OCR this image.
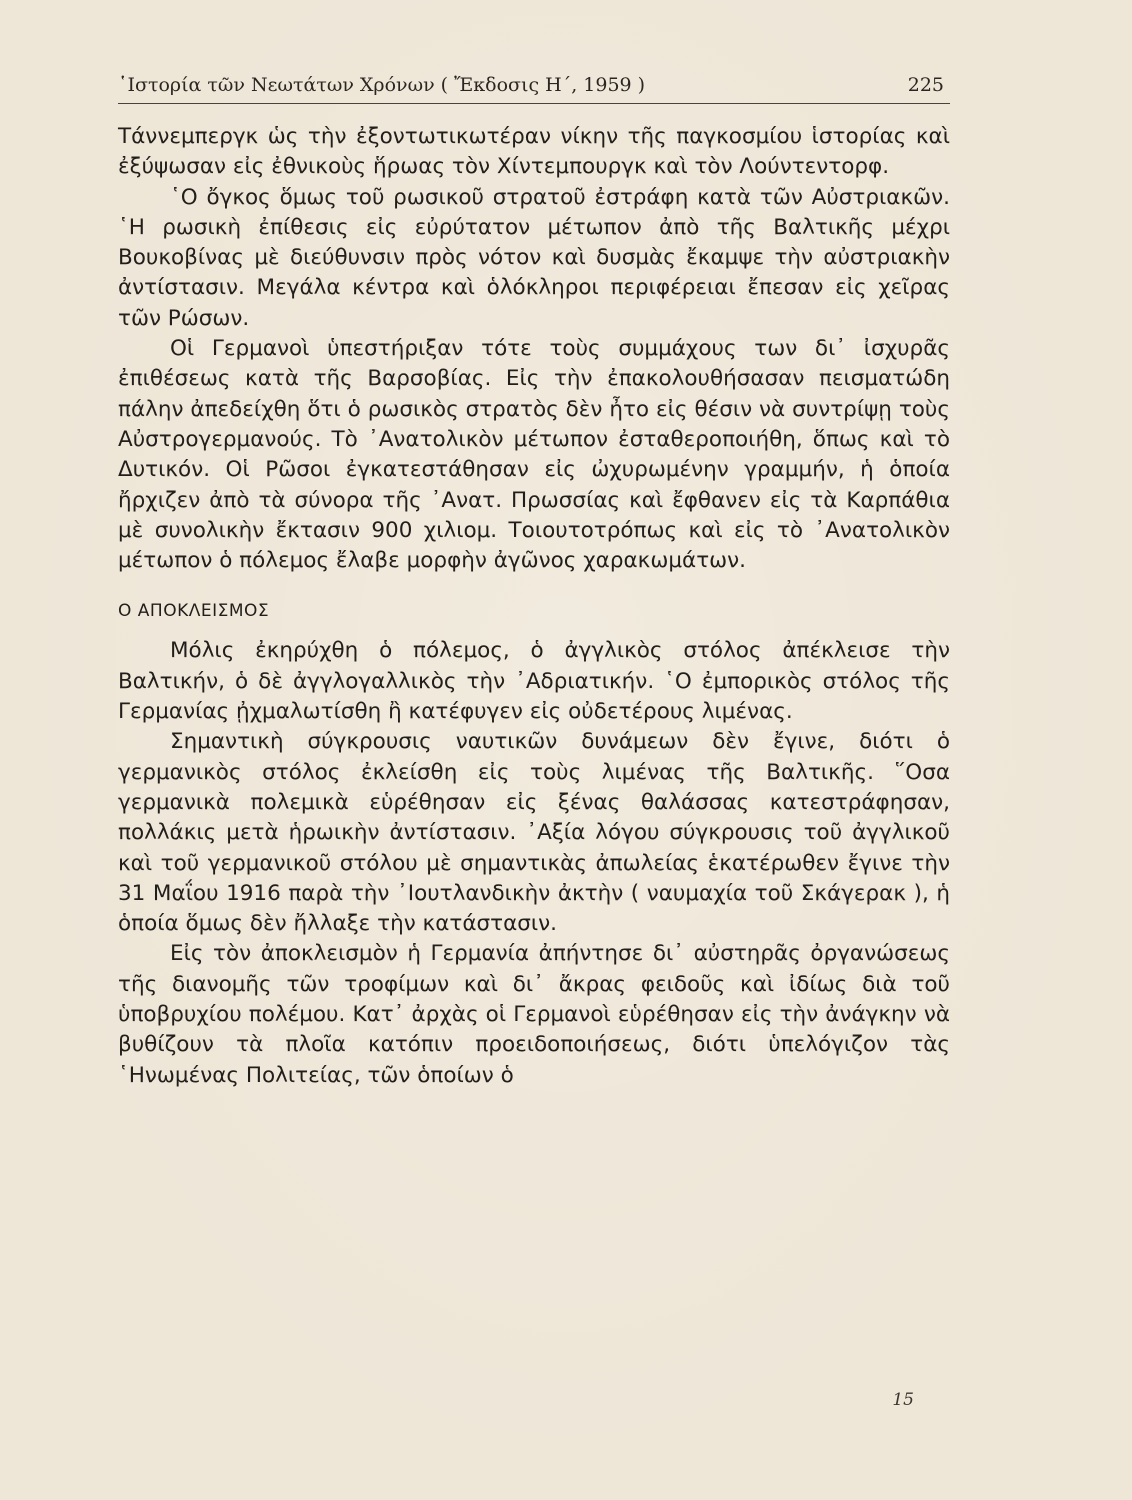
῾Ιστορία τῶν Νεωτάτων Χρόνων ( Ἔκδοσις Η΄, 1959 )	225

Τάννεμπεργκ ὡς τὴν ἐξοντωτικωτέραν νίκην τῆς παγκοσμίου ἱστορίας καὶ ἐξύψωσαν εἰς ἐθνικοὺς ἥρωας τὸν Χίντεμπουργκ καὶ τὸν Λούντεντορφ.

῾Ο ὄγκος ὅμως τοῦ ρωσικοῦ στρατοῦ ἐστράφη κατὰ τῶν Αὐστριακῶν. ῾Η ρωσικὴ ἐπίθεσις εἰς εὐρύτατον μέτωπον ἀπὸ τῆς Βαλτικῆς μέχρι Βουκοβίνας μὲ διεύθυνσιν πρὸς νότον καὶ δυσμὰς ἔκαμψε τὴν αὐστριακὴν ἀντίστασιν. Μεγάλα κέντρα καὶ ὁλόκληροι περιφέρειαι ἔπεσαν εἰς χεῖρας τῶν Ρώσων.

Οἱ Γερμανοὶ ὑπεστήριξαν τότε τοὺς συμμάχους των δι᾿ ἰσχυρᾶς ἐπιθέσεως κατὰ τῆς Βαρσοβίας. Εἰς τὴν ἐπακολουθήσασαν πεισματώδη πάλην ἀπεδείχθη ὅτι ὁ ρωσικὸς στρατὸς δὲν ἦτο εἰς θέσιν νὰ συντρίψῃ τοὺς Αὐστρογερμανούς. Τὸ ᾿Ανατολικὸν μέτωπον ἐσταθεροποιήθη, ὅπως καὶ τὸ Δυτικόν. Οἱ Ρῶσοι ἐγκατεστάθησαν εἰς ὠχυρωμένην γραμμήν, ἡ ὁποία ἤρχιζεν ἀπὸ τὰ σύνορα τῆς ᾿Ανατ. Πρωσσίας καὶ ἔφθανεν εἰς τὰ Καρπάθια μὲ συνολικὴν ἔκτασιν 900 χιλιομ. Τοιουτοτρόπως καὶ εἰς τὸ ᾿Ανατολικὸν μέτωπον ὁ πόλεμος ἔλαβε μορφὴν ἀγῶνος χαρακωμάτων.

Ο ΑΠΟΚΛΕΙΣΜΟΣ

Μόλις ἐκηρύχθη ὁ πόλεμος, ὁ ἀγγλικὸς στόλος ἀπέκλεισε τὴν Βαλτικήν, ὁ δὲ ἀγγλογαλλικὸς τὴν ᾿Αδριατικήν. ῾Ο ἐμπορικὸς στόλος τῆς Γερμανίας ᾐχμαλωτίσθη ἢ κατέφυγεν εἰς οὐδετέρους λιμένας.

Σημαντικὴ σύγκρουσις ναυτικῶν δυνάμεων δὲν ἔγινε, διότι ὁ γερμανικὸς στόλος ἐκλείσθη εἰς τοὺς λιμένας τῆς Βαλτικῆς. ῞Οσα γερμανικὰ πολεμικὰ εὑρέθησαν εἰς ξένας θαλάσσας κατεστράφησαν, πολλάκις μετὰ ἡρωικὴν ἀντίστασιν. ᾿Αξία λόγου σύγκρουσις τοῦ ἀγγλικοῦ καὶ τοῦ γερμανικοῦ στόλου μὲ σημαντικὰς ἀπωλείας ἑκατέρωθεν ἔγινε τὴν 31 Μαΐου 1916 παρὰ τὴν ᾿Ιουτλανδικὴν ἀκτὴν ( ναυμαχία τοῦ Σκάγερακ ), ἡ ὁποία ὅμως δὲν ἤλλαξε τὴν κατάστασιν.

Εἰς τὸν ἀποκλεισμὸν ἡ Γερμανία ἀπήντησε δι᾿ αὐστηρᾶς ὀργανώσεως τῆς διανομῆς τῶν τροφίμων καὶ δι᾿ ἄκρας φειδοῦς καὶ ἰδίως διὰ τοῦ ὑποβρυχίου πολέμου. Κατ᾿ ἀρχὰς οἱ Γερμανοὶ εὑρέθησαν εἰς τὴν ἀνάγκην νὰ βυθίζουν τὰ πλοῖα κατόπιν προειδοποιήσεως, διότι ὑπελόγιζον τὰς ῾Ηνωμένας Πολιτείας, τῶν ὁποίων ὁ

15
